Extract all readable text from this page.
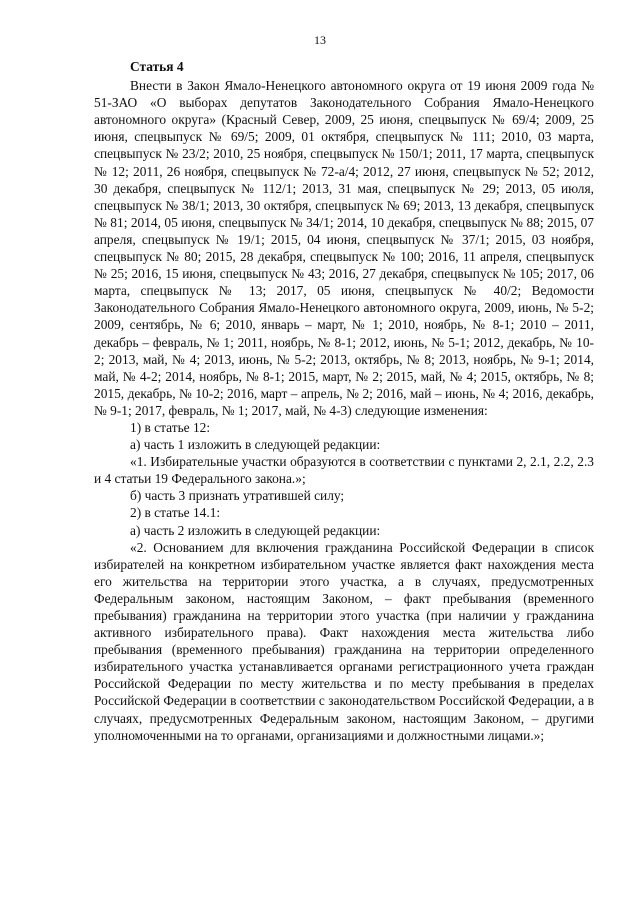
13

Статья 4

Внести в Закон Ямало-Ненецкого автономного округа от 19 июня 2009 года № 51-ЗАО «О выборах депутатов Законодательного Собрания Ямало-Ненецкого автономного округа» (Красный Север, 2009, 25 июня, спецвыпуск № 69/4; 2009, 25 июня, спецвыпуск № 69/5; 2009, 01 октября, спецвыпуск № 111; 2010, 03 марта, спецвыпуск № 23/2; 2010, 25 ноября, спецвыпуск № 150/1; 2011, 17 марта, спецвыпуск № 12; 2011, 26 ноября, спецвыпуск № 72-а/4; 2012, 27 июня, спецвыпуск № 52; 2012, 30 декабря, спецвыпуск № 112/1; 2013, 31 мая, спецвыпуск № 29; 2013, 05 июля, спецвыпуск № 38/1; 2013, 30 октября, спецвыпуск № 69; 2013, 13 декабря, спецвыпуск № 81; 2014, 05 июня, спецвыпуск № 34/1; 2014, 10 декабря, спецвыпуск № 88; 2015, 07 апреля, спецвыпуск № 19/1; 2015, 04 июня, спецвыпуск № 37/1; 2015, 03 ноября, спецвыпуск № 80; 2015, 28 декабря, спецвыпуск № 100; 2016, 11 апреля, спецвыпуск № 25; 2016, 15 июня, спецвыпуск № 43; 2016, 27 декабря, спецвыпуск № 105; 2017, 06 марта, спецвыпуск № 13; 2017, 05 июня, спецвыпуск № 40/2; Ведомости Законодательного Собрания Ямало-Ненецкого автономного округа, 2009, июнь, № 5-2; 2009, сентябрь, № 6; 2010, январь – март, № 1; 2010, ноябрь, № 8-1; 2010 – 2011, декабрь – февраль, № 1; 2011, ноябрь, № 8-1; 2012, июнь, № 5-1; 2012, декабрь, № 10-2; 2013, май, № 4; 2013, июнь, № 5-2; 2013, октябрь, № 8; 2013, ноябрь, № 9-1; 2014, май, № 4-2; 2014, ноябрь, № 8-1; 2015, март, № 2; 2015, май, № 4; 2015, октябрь, № 8; 2015, декабрь, № 10-2; 2016, март – апрель, № 2; 2016, май – июнь, № 4; 2016, декабрь, № 9-1; 2017, февраль, № 1; 2017, май, № 4-3) следующие изменения:

1) в статье 12:

а) часть 1 изложить в следующей редакции:

«1. Избирательные участки образуются в соответствии с пунктами 2, 2.1, 2.2, 2.3 и 4 статьи 19 Федерального закона.»;

б) часть 3 признать утратившей силу;

2) в статье 14.1:

а) часть 2 изложить в следующей редакции:

«2. Основанием для включения гражданина Российской Федерации в список избирателей на конкретном избирательном участке является факт нахождения места его жительства на территории этого участка, а в случаях, предусмотренных Федеральным законом, настоящим Законом, – факт пребывания (временного пребывания) гражданина на территории этого участка (при наличии у гражданина активного избирательного права). Факт нахождения места жительства либо пребывания (временного пребывания) гражданина на территории определенного избирательного участка устанавливается органами регистрационного учета граждан Российской Федерации по месту жительства и по месту пребывания в пределах Российской Федерации в соответствии с законодательством Российской Федерации, а в случаях, предусмотренных Федеральным законом, настоящим Законом, – другими уполномоченными на то органами, организациями и должностными лицами.»;
